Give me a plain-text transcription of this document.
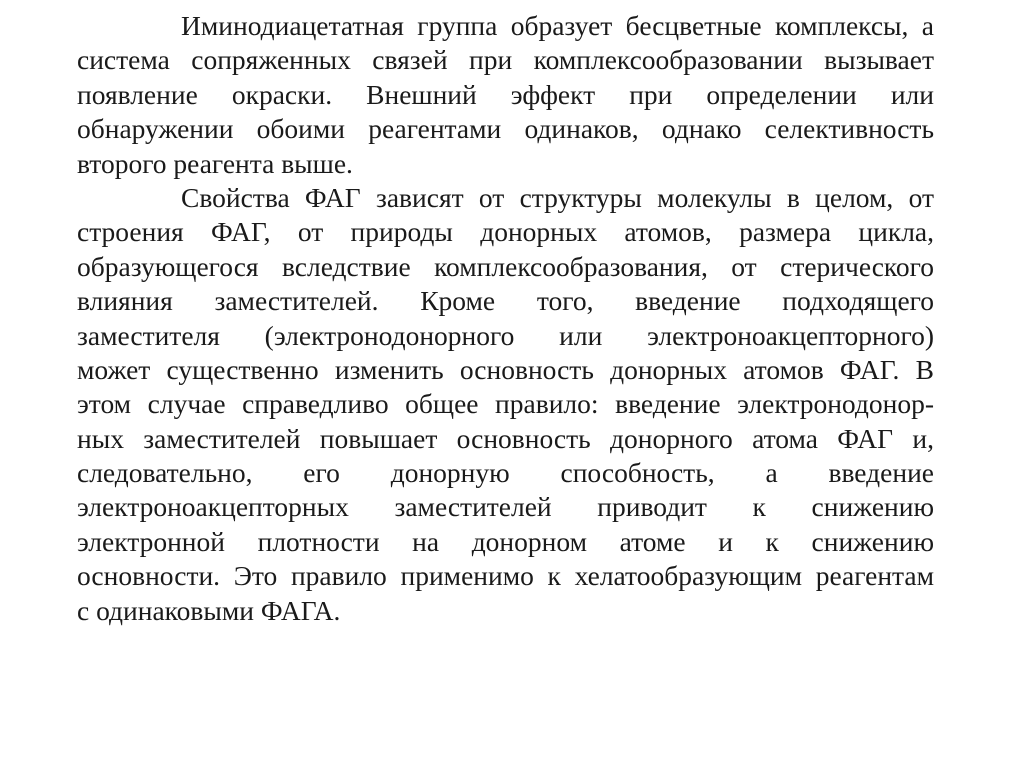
Иминодиацетатная группа образует бесцветные комплексы, а
система сопряженных связей при комплексообразовании вызывает
появление окраски. Внешний эффект при определении или
обнаружении обоими реагентами одинаков, однако селективность
второго реагента выше.
Свойства ФАГ зависят от структуры молекулы в целом, от
строения ФАГ, от природы донорных атомов, размера цикла,
образующегося вследствие комплексообразования, от стерического
влияния заместителей. Кроме того, введение подходящего
заместителя (электронодонорного или электроноакцепторного)
может существенно изменить основность донорных атомов ФАГ. В
этом случае справедливо общее правило: введение электронодонор-
ных заместителей повышает основность донорного атома ФАГ и,
следовательно, его донорную способность, а введение
электроноакцепторных заместителей приводит к снижению
электронной плотности на донорном атоме и к снижению
основности. Это правило применимо к хелатообразующим реагентам
с одинаковыми ФАГА.
